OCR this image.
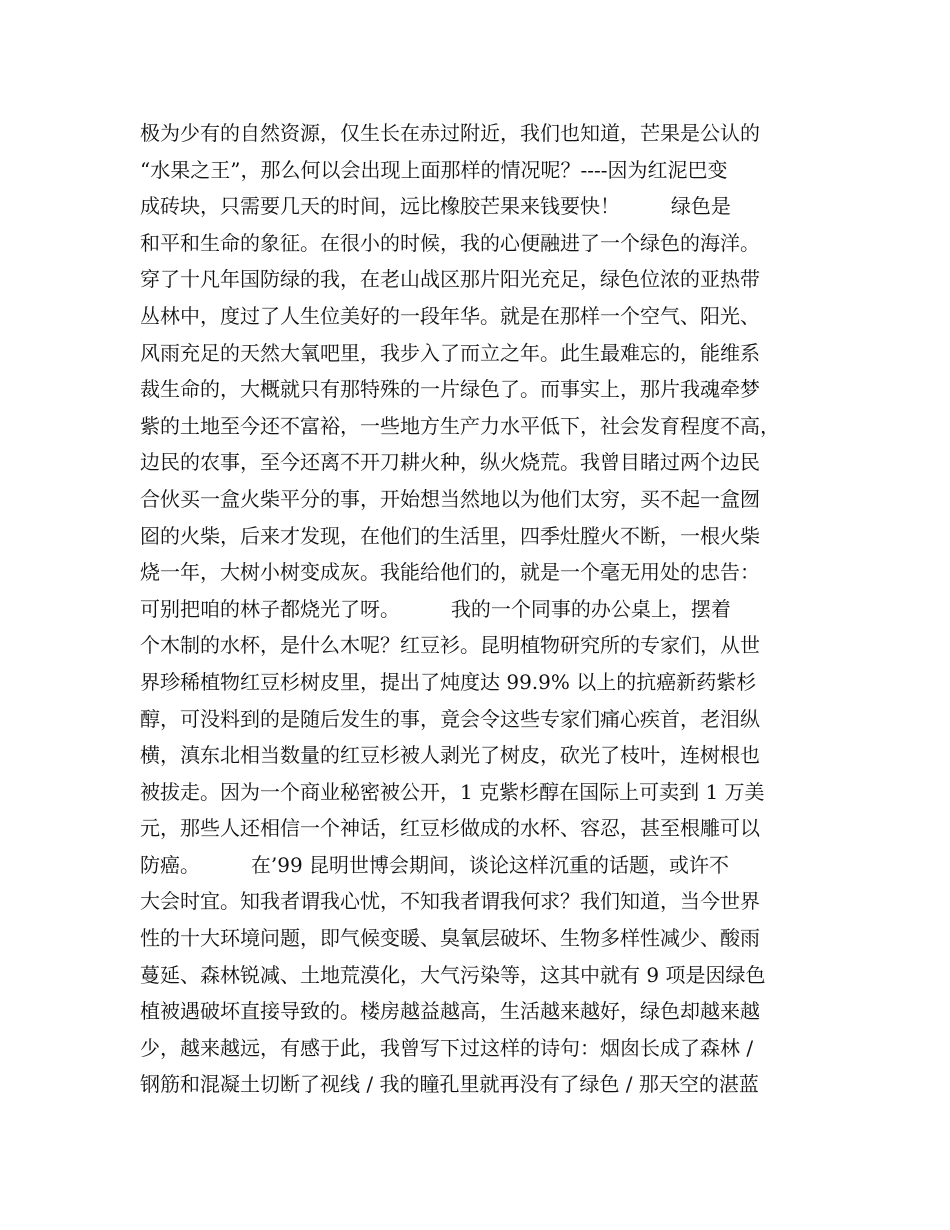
极为少有的自然资源，仅生长在赤过附近，我们也知道，芒果是公认的
“水果之王”，那么何以会出现上面那样的情况呢？----因为红泥巴变
成砖块，只需要几天的时间，远比橡胶芒果来钱要快！        绿色是
和平和生命的象征。在很小的时候，我的心便融进了一个绿色的海洋。
穿了十凡年国防绿的我，在老山战区那片阳光充足，绿色位浓的亚热带
丛林中，度过了人生位美好的一段年华。就是在那样一个空气、阳光、
风雨充足的天然大氧吧里，我步入了而立之年。此生最难忘的，能维系
裁生命的，大概就只有那特殊的一片绿色了。而事实上，那片我魂牵梦
紫的土地至今还不富裕，一些地方生产力水平低下，社会发育程度不高，
边民的农事，至今还离不开刀耕火种，纵火烧荒。我曾目睹过两个边民
合伙买一盒火柴平分的事，开始想当然地以为他们太穷，买不起一盒囫
囵的火柴，后来才发现，在他们的生活里，四季灶膛火不断，一根火柴
烧一年，大树小树变成灰。我能给他们的，就是一个毫无用处的忠告：
可别把咱的林子都烧光了呀。        我的一个同事的办公桌上，摆着
个木制的水杯，是什么木呢？红豆衫。昆明植物研究所的专家们，从世
界珍稀植物红豆杉树皮里，提出了炖度达 99.9% 以上的抗癌新药紫杉
醇，可没料到的是随后发生的事，竟会令这些专家们痛心疾首，老泪纵
横，滇东北相当数量的红豆杉被人剥光了树皮，砍光了枝叶，连树根也
被拔走。因为一个商业秘密被公开，1 克紫杉醇在国际上可卖到 1 万美
元，那些人还相信一个神话，红豆杉做成的水杯、容忍，甚至根雕可以
防癌。        在’99 昆明世博会期间，谈论这样沉重的话题，或许不
大会时宜。知我者谓我心忧，不知我者谓我何求？我们知道，当今世界
性的十大环境问题，即气候变暖、臭氧层破坏、生物多样性减少、酸雨
蔓延、森林锐减、土地荒漠化，大气污染等，这其中就有 9 项是因绿色
植被遇破坏直接导致的。楼房越益越高，生活越来越好，绿色却越来越
少，越来越远，有感于此，我曾写下过这样的诗句：烟囱长成了森林 /
钢筋和混凝土切断了视线 / 我的瞳孔里就再没有了绿色 / 那天空的湛蓝
